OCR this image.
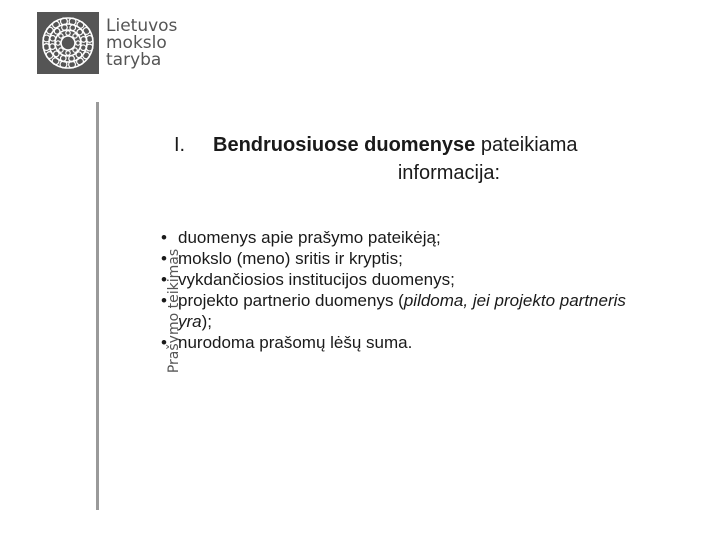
Lietuvos
mokslo
taryba
Prašymo teikimas
I.	Bendruosiuose duomenyse pateikiama
informacija:
• duomenys apie prašymo pateikėją;
• mokslo (meno) sritis ir kryptis;
• vykdančiosios institucijos duomenys;
• projekto partnerio duomenys (pildoma, jei projekto partneris yra);
• nurodoma prašomų lėšų suma.
